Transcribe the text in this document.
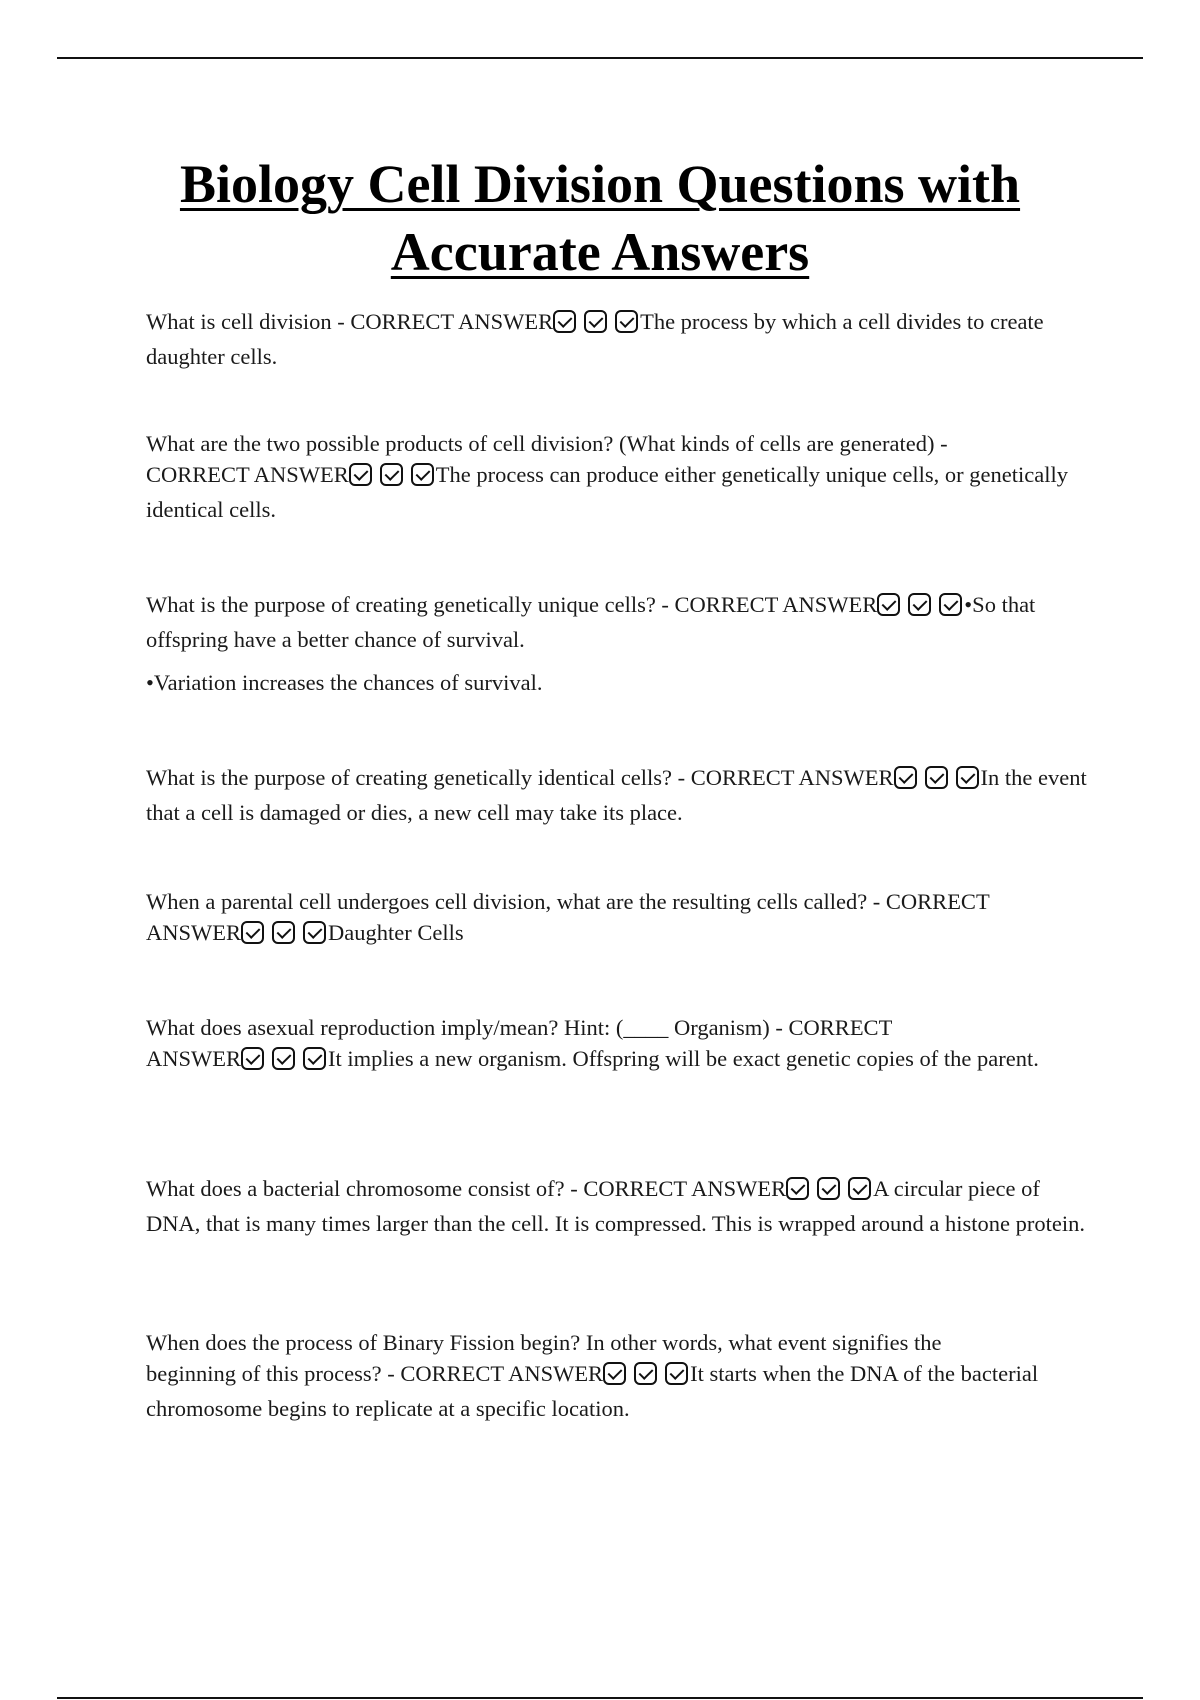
Biology Cell Division Questions with
Accurate Answers

What is cell division - CORRECT ANSWER	The process by which a cell divides to create daughter cells.

What are the two possible products of cell division? (What kinds of cells are generated) -
CORRECT ANSWER	The process can produce either genetically unique cells, or genetically identical cells.

What is the purpose of creating genetically unique cells? - CORRECT ANSWER	•So that offspring have a better chance of survival.

•Variation increases the chances of survival.

What is the purpose of creating genetically identical cells? - CORRECT ANSWER	In the event that a cell is damaged or dies, a new cell may take its place.

When a parental cell undergoes cell division, what are the resulting cells called? - CORRECT
ANSWER	Daughter Cells

What does asexual reproduction imply/mean? Hint: (____ Organism) - CORRECT
ANSWER	It implies a new organism. Offspring will be exact genetic copies of the parent.

What does a bacterial chromosome consist of? - CORRECT ANSWER	A circular piece of DNA, that is many times larger than the cell. It is compressed. This is wrapped around a histone protein.

When does the process of Binary Fission begin? In other words, what event signifies the
beginning of this process? - CORRECT ANSWER	It starts when the DNA of the bacterial chromosome begins to replicate at a specific location.
